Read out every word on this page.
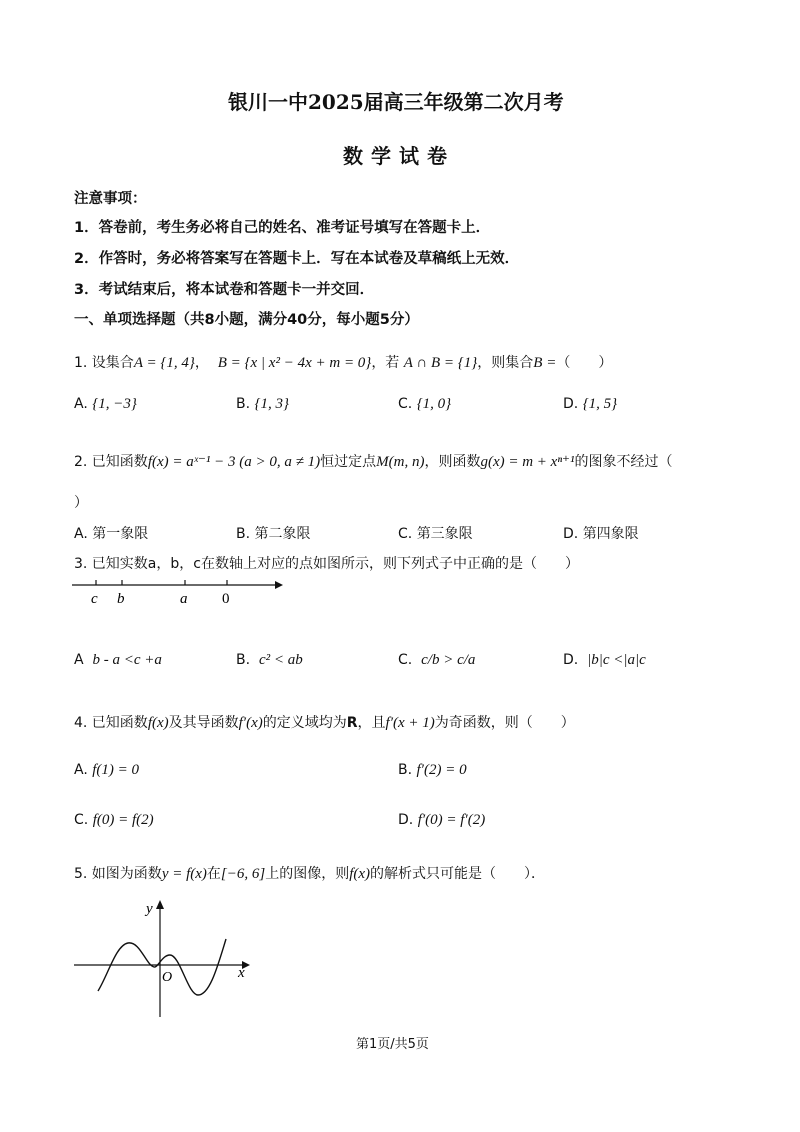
银川一中2025届高三年级第二次月考
数学试卷
注意事项：
1．答卷前，考生务必将自己的姓名、准考证号填写在答题卡上．
2．作答时，务必将答案写在答题卡上．写在本试卷及草稿纸上无效．
3．考试结束后，将本试卷和答题卡一并交回．
一、单项选择题（共8小题，满分40分，每小题5分）
1. 设集合A = {1, 4}， B = {x | x² − 4x + m = 0}，若 A ∩ B = {1}，则集合B =（　　）
A. {1, −3}	B. {1, 3}	C. {1, 0}	D. {1, 5}
2. 已知函数f(x) = aˣ⁻¹ − 3 (a > 0, a ≠ 1)恒过定点M(m, n)，则函数g(x) = m + xⁿ⁺¹的图象不经过（
）
A. 第一象限	B. 第二象限	C. 第三象限	D. 第四象限
3. 已知实数a，b，c在数轴上对应的点如图所示，则下列式子中正确的是（　　）
c b	a 0
A b - a <c +a	B. c² < ab	C. c/b > c/a	D. |b|c <|a|c
4. 已知函数f(x)及其导函数f′(x)的定义域均为R，且f′(x + 1)为奇函数，则（　　）
A. f(1) = 0	B. f′(2) = 0
C. f(0) = f(2)	D. f′(0) = f′(2)
5. 如图为函数y = f(x)在[−6, 6]上的图像，则f(x)的解析式只可能是（　　）．
y
x
O
第1页/共5页
